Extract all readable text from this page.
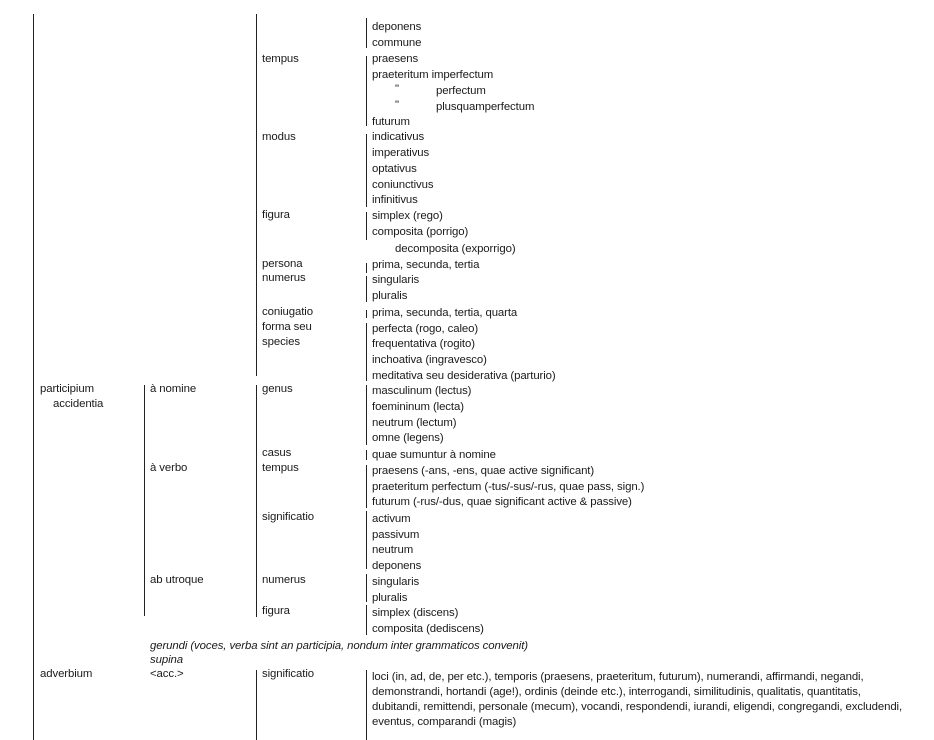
participium
accidentia
adverbium
à nomine
à verbo
ab utroque
<acc.>
tempus
modus
figura
persona
numerus
coniugatio
forma seu
species
genus
casus
tempus
significatio
numerus
figura
significatio
deponens
commune
praesens
praeteritum imperfectum
"	perfectum
"	plusquamperfectum
futurum
indicativus
imperativus
optativus
coniunctivus
infinitivus
simplex (rego)
composita (porrigo)
decomposita (exporrigo)
prima, secunda, tertia
singularis
pluralis
prima, secunda, tertia, quarta
perfecta (rogo, caleo)
frequentativa (rogito)
inchoativa (ingravesco)
meditativa seu desiderativa (parturio)
masculinum (lectus)
foemininum (lecta)
neutrum (lectum)
omne (legens)
quae sumuntur à nomine
praesens (-ans, -ens, quae active significant)
praeteritum perfectum (-tus/-sus/-rus, quae pass, sign.)
futurum (-rus/-dus, quae significant active & passive)
activum
passivum
neutrum
deponens
singularis
pluralis
simplex (discens)
composita (dediscens)
gerundi (voces, verba sint an participia, nondum inter grammaticos convenit)
supina
loci (in, ad, de, per etc.), temporis (praesens, praeteritum, futurum), numerandi, affirmandi, negandi,
demonstrandi, hortandi (age!), ordinis (deinde etc.), interrogandi, similitudinis, qualitatis, quantitatis,
dubitandi, remittendi, personale (mecum), vocandi, respondendi, iurandi, eligendi, congregandi, excludendi,
eventus, comparandi (magis)
